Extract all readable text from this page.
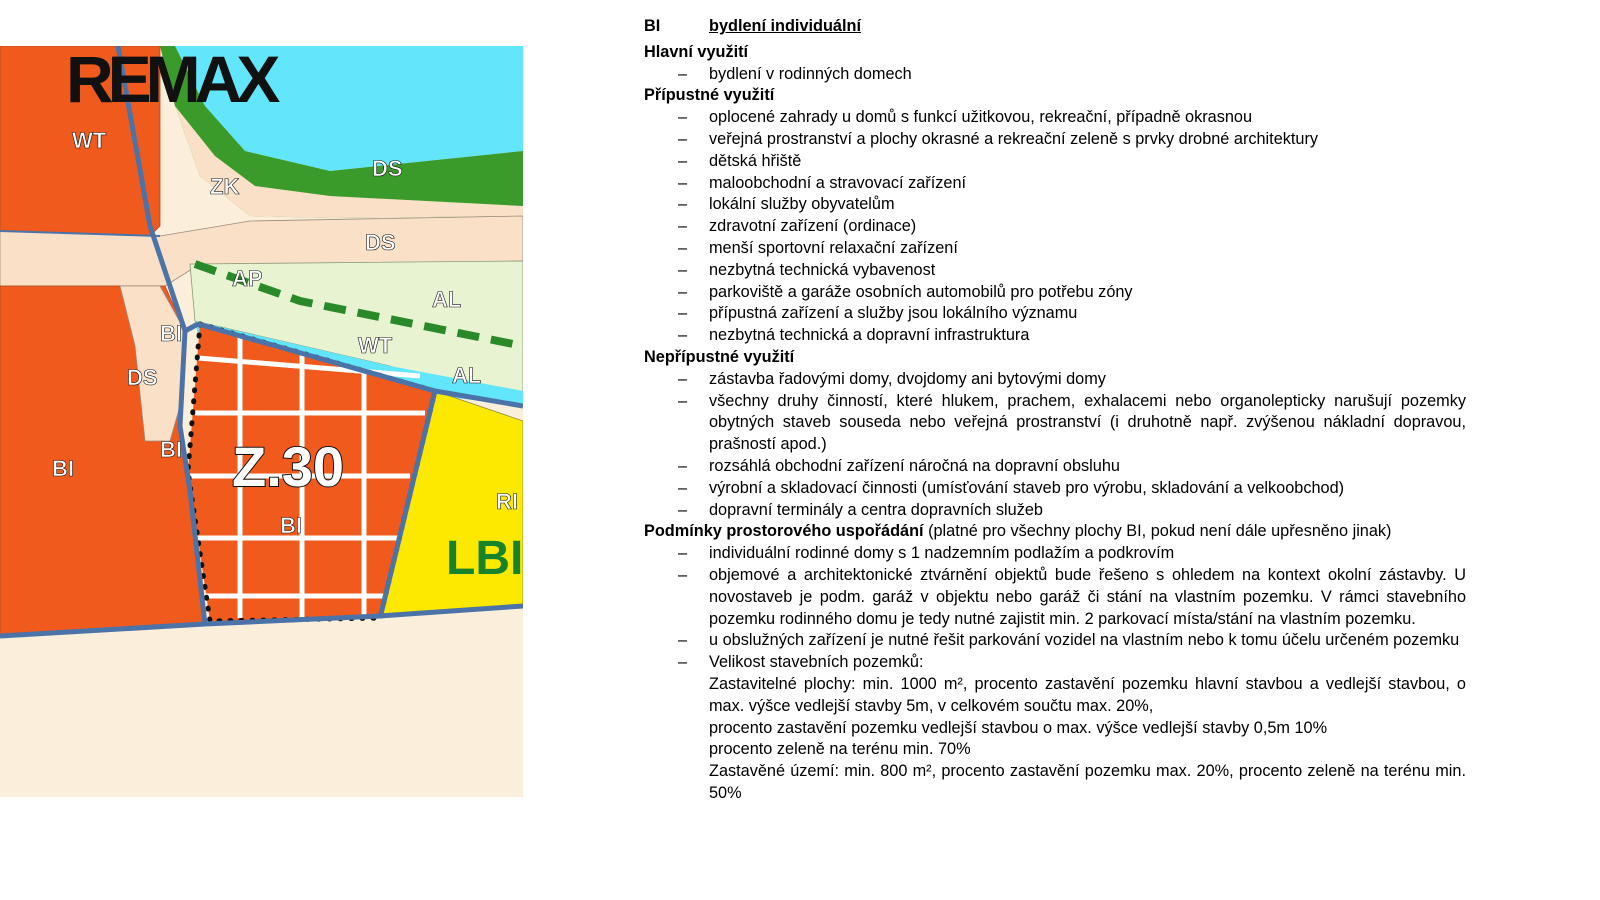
REMAX
WT
ZK
DS
DS
AP
AL
BI	WT
DS	AL
BI
BI
BI
RI
LBI
Z.30
BI	bydlení individuální
Hlavní využití
– bydlení v rodinných domech
Přípustné využití
– oplocené zahrady u domů s funkcí užitkovou, rekreační, případně okrasnou
– veřejná prostranství a plochy okrasné a rekreační zeleně s prvky drobné architektury
– dětská hřiště
– maloobchodní a stravovací zařízení
– lokální služby obyvatelům
– zdravotní zařízení (ordinace)
– menší sportovní relaxační zařízení
– nezbytná technická vybavenost
– parkoviště a garáže osobních automobilů pro potřebu zóny
– přípustná zařízení a služby jsou lokálního významu
– nezbytná technická a dopravní infrastruktura
Nepřípustné využití
– zástavba řadovými domy, dvojdomy ani bytovými domy
– všechny druhy činností, které hlukem, prachem, exhalacemi nebo organolepticky narušují pozemky obytných staveb souseda nebo veřejná prostranství (i druhotně např. zvýšenou nákladní dopravou, prašností apod.)
– rozsáhlá obchodní zařízení náročná na dopravní obsluhu
– výrobní a skladovací činnosti (umísťování staveb pro výrobu, skladování a velkoobchod)
– dopravní terminály a centra dopravních služeb
Podmínky prostorového uspořádání (platné pro všechny plochy BI, pokud není dále upřesněno jinak)
– individuální rodinné domy s 1 nadzemním podlažím a podkrovím
– objemové a architektonické ztvárnění objektů bude řešeno s ohledem na kontext okolní zástavby. U novostaveb je podm. garáž v objektu nebo garáž či stání na vlastním pozemku. V rámci stavebního pozemku rodinného domu je tedy nutné zajistit min. 2 parkovací místa/stání na vlastním pozemku.
– u obslužných zařízení je nutné řešit parkování vozidel na vlastním nebo k tomu účelu určeném pozemku
– Velikost stavebních pozemků:
Zastavitelné plochy: min. 1000 m², procento zastavění pozemku hlavní stavbou a vedlejší stavbou, o max. výšce vedlejší stavby 5m, v celkovém součtu max. 20%,
procento zastavění pozemku vedlejší stavbou o max. výšce vedlejší stavby 0,5m 10%
procento zeleně na terénu min. 70%
Zastavěné území: min. 800 m², procento zastavění pozemku max. 20%, procento zeleně na terénu min. 50%
